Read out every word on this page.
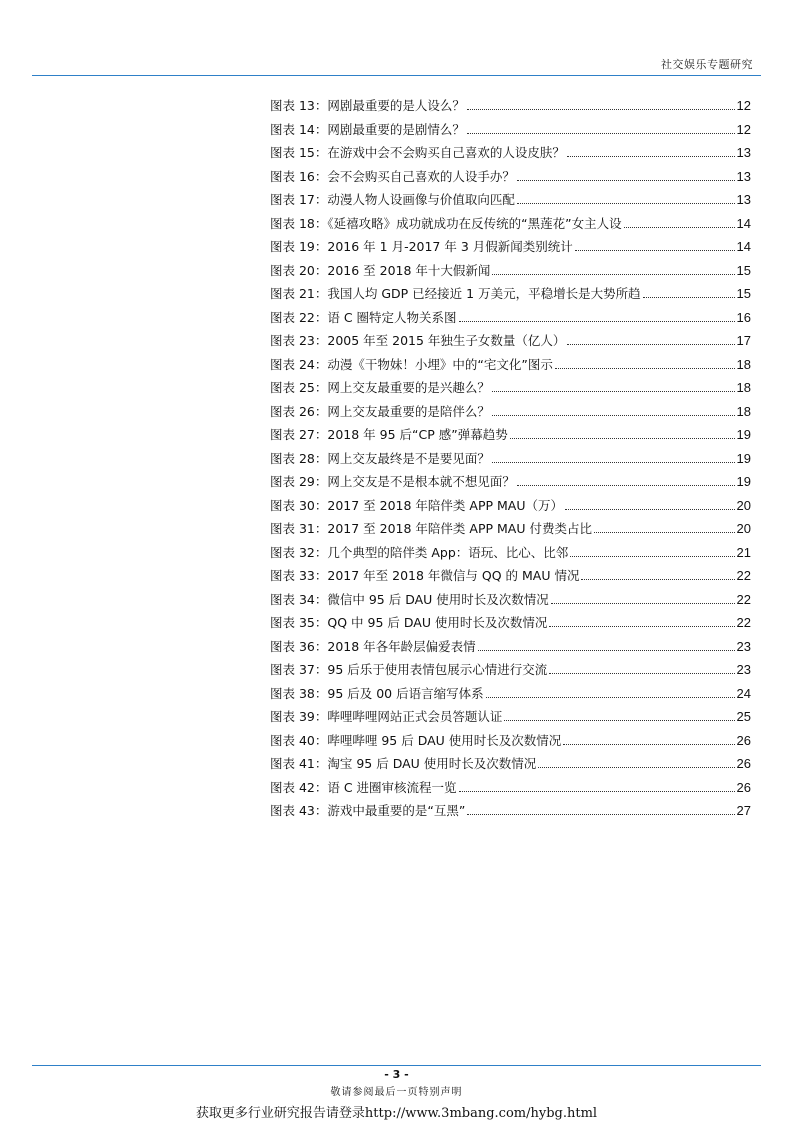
社交娱乐专题研究
图表 13：网剧最重要的是人设么？	12
图表 14：网剧最重要的是剧情么？	12
图表 15：在游戏中会不会购买自己喜欢的人设皮肤？	13
图表 16：会不会购买自己喜欢的人设手办？	13
图表 17：动漫人物人设画像与价值取向匹配	13
图表 18：《延禧攻略》成功就成功在反传统的“黑莲花”女主人设	14
图表 19：2016 年 1 月-2017 年 3 月假新闻类别统计	14
图表 20：2016 至 2018 年十大假新闻	15
图表 21：我国人均 GDP 已经接近 1 万美元，平稳增长是大势所趋	15
图表 22：语 C 圈特定人物关系图	16
图表 23：2005 年至 2015 年独生子女数量（亿人）	17
图表 24：动漫《干物妹！小埋》中的“宅文化”图示	18
图表 25：网上交友最重要的是兴趣么？	18
图表 26：网上交友最重要的是陪伴么？	18
图表 27：2018 年 95 后“CP 感”弹幕趋势	19
图表 28：网上交友最终是不是要见面？	19
图表 29：网上交友是不是根本就不想见面？	19
图表 30：2017 至 2018 年陪伴类 APP MAU（万）	20
图表 31：2017 至 2018 年陪伴类 APP MAU 付费类占比	20
图表 32：几个典型的陪伴类 App：语玩、比心、比邻	21
图表 33：2017 年至 2018 年微信与 QQ 的 MAU 情况	22
图表 34：微信中 95 后 DAU 使用时长及次数情况	22
图表 35：QQ 中 95 后 DAU 使用时长及次数情况	22
图表 36：2018 年各年龄层偏爱表情	23
图表 37：95 后乐于使用表情包展示心情进行交流	23
图表 38：95 后及 00 后语言缩写体系	24
图表 39：哔哩哔哩网站正式会员答题认证	25
图表 40：哔哩哔哩 95 后 DAU 使用时长及次数情况	26
图表 41：淘宝 95 后 DAU 使用时长及次数情况	26
图表 42：语 C 进圈审核流程一览	26
图表 43：游戏中最重要的是“互黑”	27
- 3 -
敬请参阅最后一页特别声明
获取更多行业研究报告请登录http://www.3mbang.com/hybg.html
